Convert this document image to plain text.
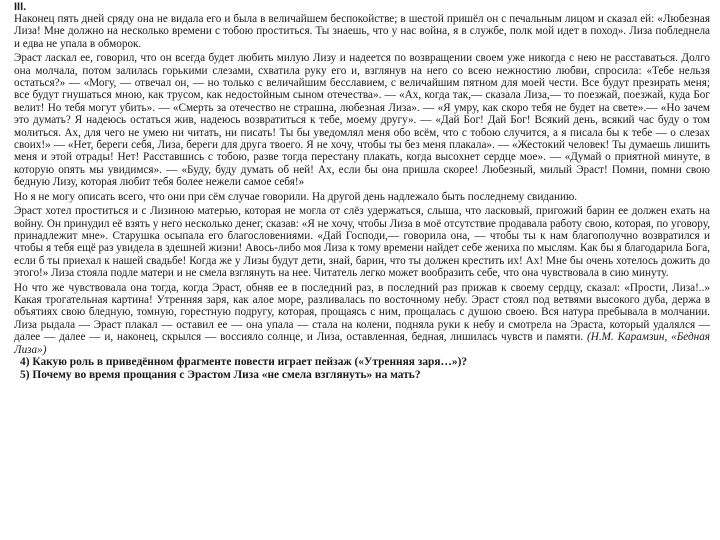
III.

Наконец пять дней сряду она не видала его и была в величайшем беспокойстве; в шестой пришёл он с печальным лицом и сказал ей: «Любезная Лиза! Мне должно на несколько времени с тобою проститься. Ты знаешь, что у нас война, я в службе, полк мой идет в поход». Лиза побледнела и едва не упала в обморок.

Эраст ласкал ее, говорил, что он всегда будет любить милую Лизу и надеется по возвращении своем уже никогда с нею не расставаться. Долго она молчала, потом залилась горькими слезами, схватила руку его и, взглянув на него со всею нежностию любви, спросила: «Тебе нельзя остаться?» — «Могу, — отвечал он, — но только с величайшим бесславием, с величайшим пятном для моей чести. Все будут презирать меня; все будут гнушаться мною, как трусом, как недостойным сыном отечества». — «Ах, когда так,— сказала Лиза,— то поезжай, поезжай, куда Бог велит! Но тебя могут убить». — «Смерть за отечество не страшна, любезная Лиза». — «Я умру, как скоро тебя не будет на свете».— «Но зачем это думать? Я надеюсь остаться жив, надеюсь возвратиться к тебе, моему другу». — «Дай Бог! Дай Бог! Всякий день, всякий час буду о том молиться. Ах, для чего не умею ни читать, ни писать! Ты бы уведомлял меня обо всём, что с тобою случится, а я писала бы к тебе — о слезах своих!» — «Нет, береги себя, Лиза, береги для друга твоего. Я не хочу, чтобы ты без меня плакала». — «Жестокий человек! Ты думаешь лишить меня и этой отрады! Нет! Расставшись с тобою, разве тогда перестану плакать, когда высохнет сердце мое». — «Думай о приятной минуте, в которую опять мы увидимся». — «Буду, буду думать об ней! Ах, если бы она пришла скорее! Любезный, милый Эраст! Помни, помни свою бедную Лизу, которая любит тебя более нежели самое себя!»

Но я не могу описать всего, что они при сём случае говорили. На другой день надлежало быть последнему свиданию.

Эраст хотел проститься и с Лизиною матерью, которая не могла от слёз удержаться, слыша, что ласковый, пригожий барин ее должен ехать на войну. Он принудил её взять у него несколько денег, сказав: «Я не хочу, чтобы Лиза в моё отсутствие продавала работу свою, которая, по уговору, принадлежит мне». Старушка осыпала его благословениями. «Дай Господи,— говорила она, — чтобы ты к нам благополучно возвратился и чтобы я тебя ещё раз увидела в здешней жизни! Авось-либо моя Лиза к тому времени найдет себе жениха по мыслям. Как бы я благодарила Бога, если б ты приехал к нашей свадьбе! Когда же у Лизы будут дети, знай, барин, что ты должен крестить их! Ах! Мне бы очень хотелось дожить до этого!» Лиза стояла подле матери и не смела взглянуть на нее. Читатель легко может вообразить себе, что она чувствовала в сию минуту.

Но что же чувствовала она тогда, когда Эраст, обняв ее в последний раз, в последний раз прижав к своему сердцу, сказал: «Прости, Лиза!..» Какая трогательная картина! Утренняя заря, как алое море, разливалась по восточному небу. Эраст стоял под ветвями высокого дуба, держа в объятиях свою бледную, томную, горестную подругу, которая, прощаясь с ним, прощалась с душою своею. Вся натура пребывала в молчании. Лиза рыдала — Эраст плакал — оставил ее — она упала — стала на колени, подняла руки к небу и смотрела на Эраста, который удалялся — далее — далее — и, наконец, скрылся — воссияло солнце, и Лиза, оставленная, бедная, лишилась чувств и памяти. (Н.М. Карамзин, «Бедная Лиза»)

4) Какую роль в приведённом фрагменте повести играет пейзаж («Утренняя заря…»)?

5) Почему во время прощания с Эрастом Лиза «не смела взглянуть» на мать?
